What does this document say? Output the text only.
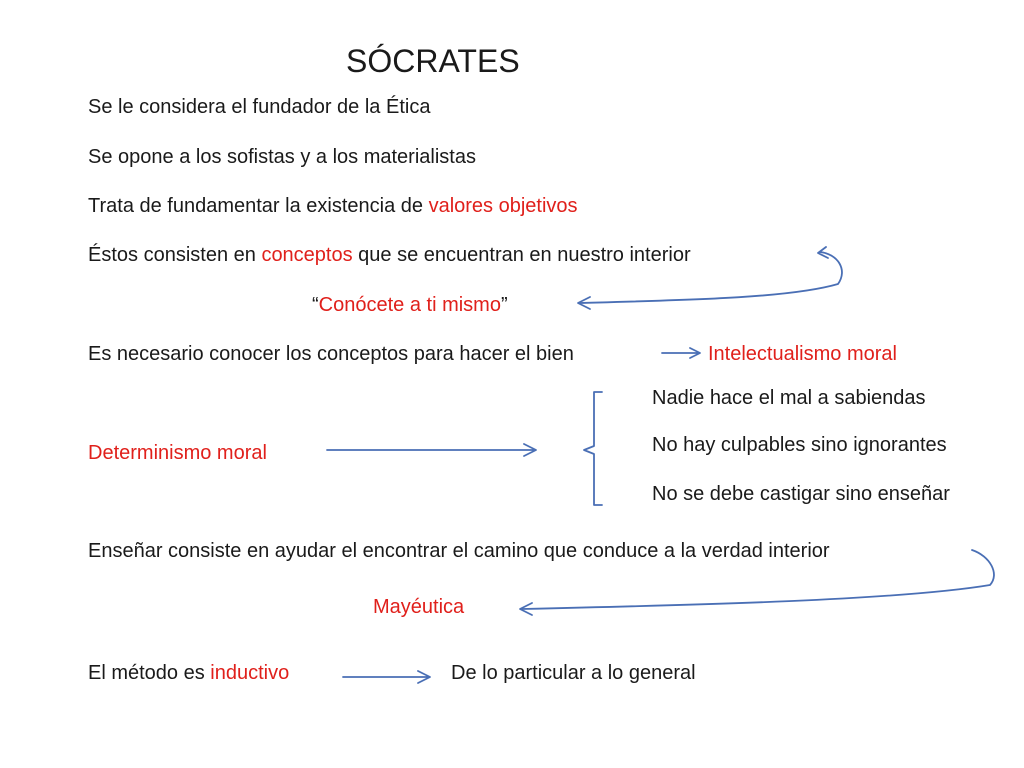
SÓCRATES
Se le considera el fundador de la Ética
Se opone a los sofistas y a los materialistas
Trata de fundamentar la existencia de valores objetivos
Éstos consisten en conceptos que se encuentran en nuestro interior
“Conócete a ti mismo”
Es necesario conocer los conceptos para hacer el bien	Intelectualismo moral
Nadie hace el mal a sabiendas
Determinismo moral	No hay culpables sino ignorantes
No se debe castigar sino enseñar
Enseñar consiste en ayudar el encontrar el camino que conduce a la verdad interior
Mayéutica
El método es inductivo	De lo particular a lo general
